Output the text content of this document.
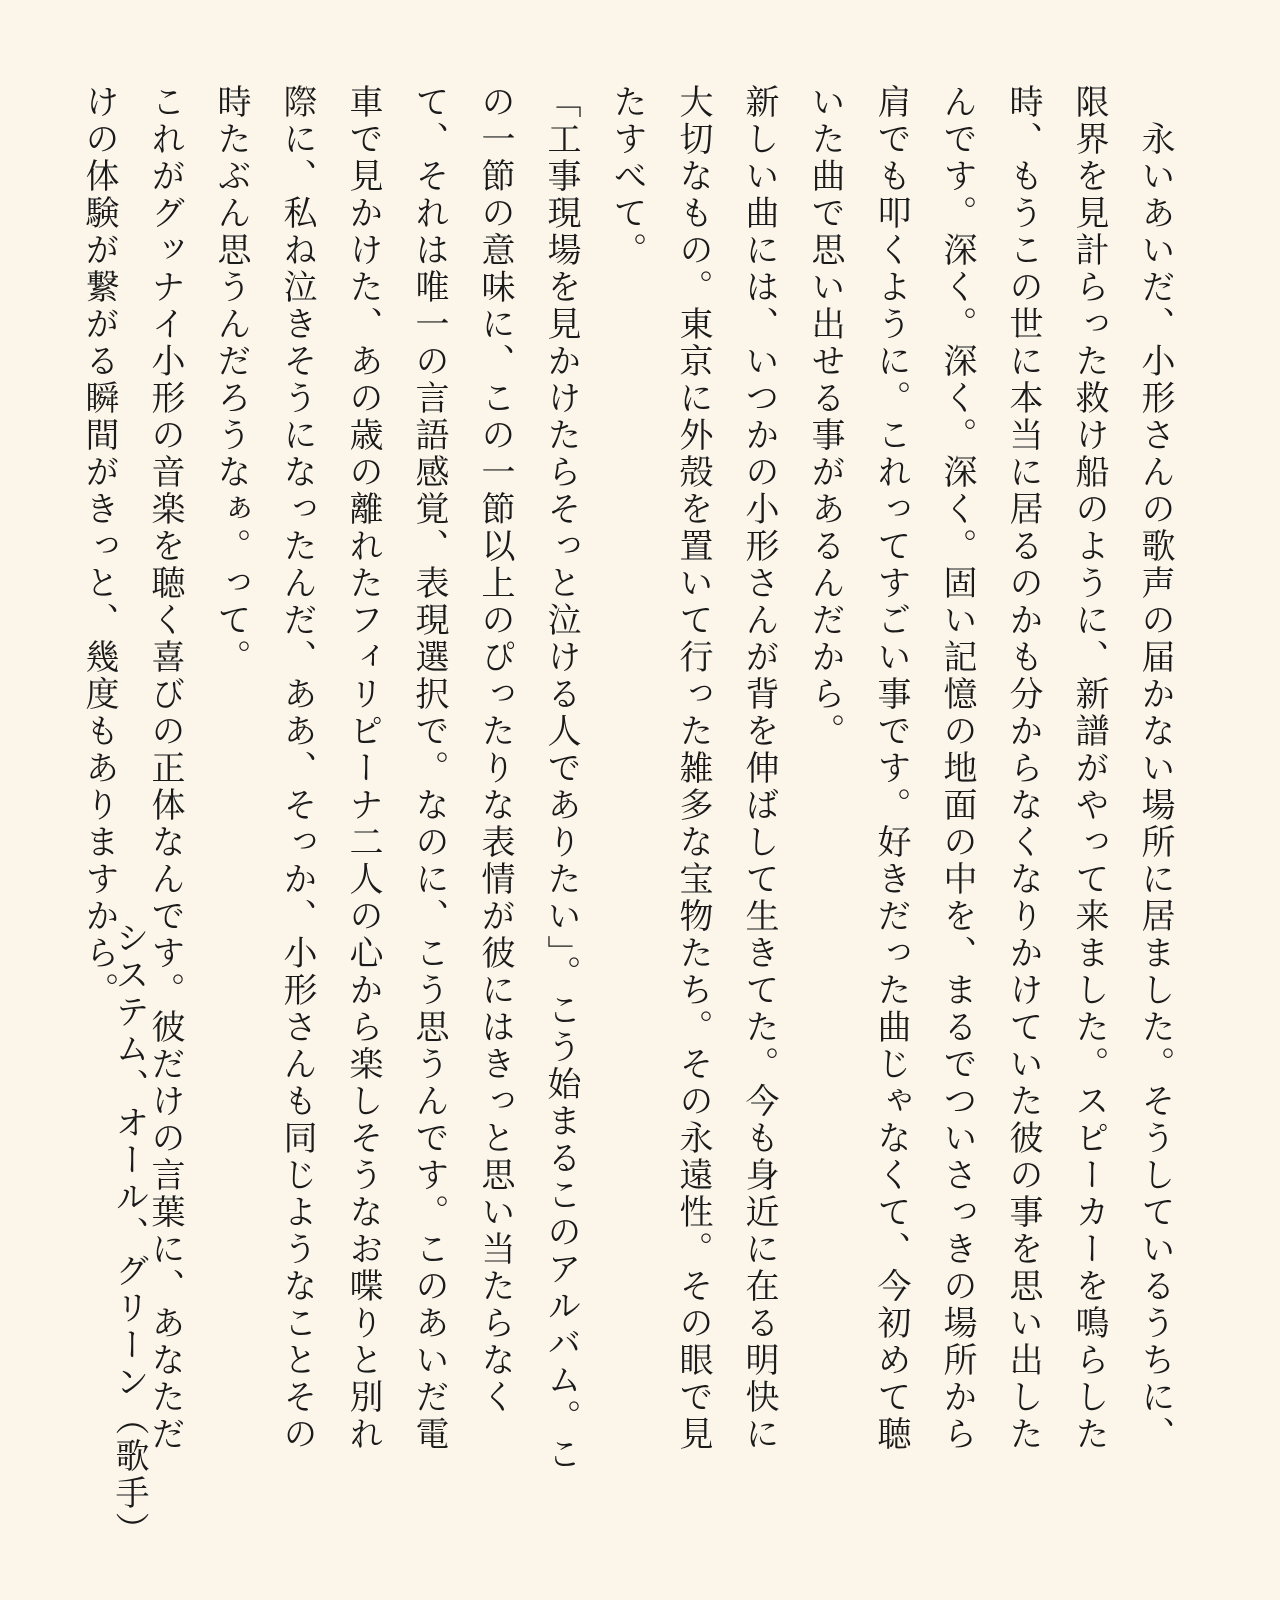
　永いあいだ、小形さんの歌声の届かない場所に居ました。そうしているうちに、限界を見計らった救け船のように、新譜がやって来ました。スピーカーを鳴らした時、もうこの世に本当に居るのかも分からなくなりかけていた彼の事を思い出したんです。深く。深く。深く。固い記憶の地面の中を、まるでついさっきの場所から肩でも叩くように。これってすごい事です。好きだった曲じゃなくて、今初めて聴いた曲で思い出せる事があるんだから。

新しい曲には、いつかの小形さんが背を伸ばして生きてた。今も身近に在る明快に大切なもの。東京に外殻を置いて行った雑多な宝物たち。その永遠性。その眼で見たすべて。

「工事現場を見かけたらそっと泣ける人でありたい」。こう始まるこのアルバム。この一節の意味に、この一節以上のぴったりな表情が彼にはきっと思い当たらなくて、それは唯一の言語感覚、表現選択で。なのに、こう思うんです。このあいだ電車で見かけた、あの歳の離れたフィリピーナ二人の心から楽しそうなお喋りと別れ際に、私ね泣きそうになったんだ、ああ、そっか、小形さんも同じようなことその時たぶん思うんだろうなぁ。って。

これがグッナイ小形の音楽を聴く喜びの正体なんです。彼だけの言葉に、あなただけの体験が繋がる瞬間がきっと、幾度もありますから。

システム、オール、グリーン（歌手）
